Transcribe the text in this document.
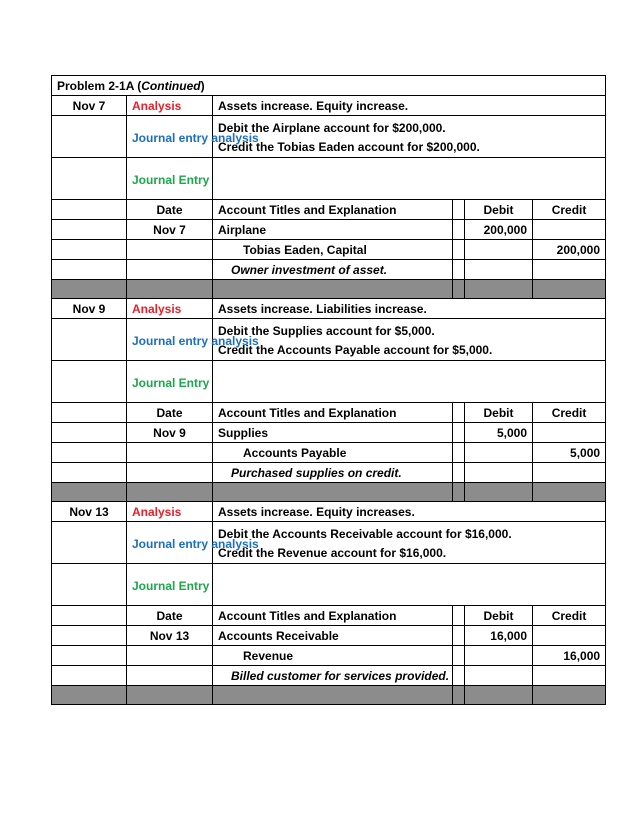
Problem 2-1A (Continued)					
Nov 7	Analysis	Assets increase. Equity increase.			
	Journal entry analysis	Debit the Airplane account for $200,000.
Credit the Tobias Eaden account for $200,000.			

	Journal Entry				
	Date	Account Titles and Explanation		Debit	Credit
	Nov 7	Airplane		200,000	
		Tobias Eaden, Capital			200,000
		Owner investment of asset.			

Nov 9	Analysis	Assets increase. Liabilities increase.			
	Journal entry analysis	Debit the Supplies account for $5,000.
Credit the Accounts Payable account for $5,000.			

	Journal Entry				
	Date	Account Titles and Explanation		Debit	Credit
	Nov 9	Supplies		5,000	
		Accounts Payable			5,000
		Purchased supplies on credit.			

Nov 13	Analysis	Assets increase. Equity increases.			
	Journal entry analysis	Debit the Accounts Receivable account for $16,000.
Credit the Revenue account for $16,000.			

	Journal Entry				
	Date	Account Titles and Explanation		Debit	Credit
	Nov 13	Accounts Receivable		16,000	
		Revenue			16,000
		Billed customer for services provided.			
